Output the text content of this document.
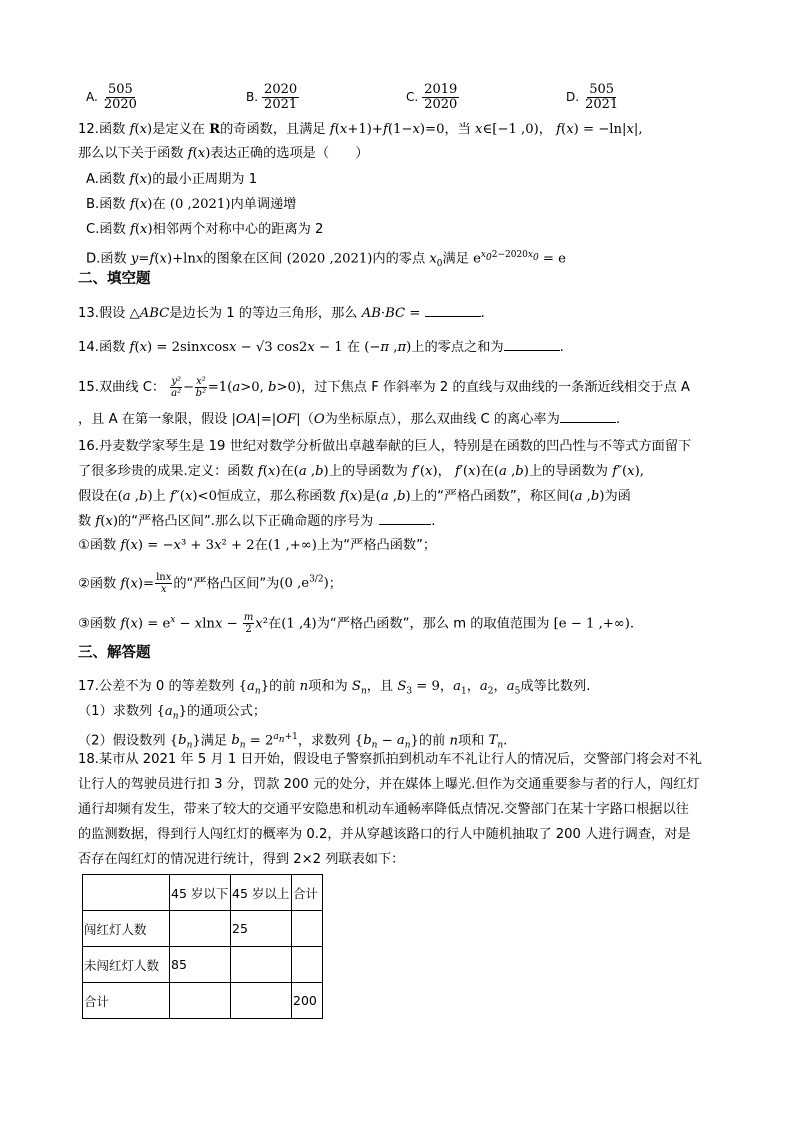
A. $\frac{505}{2020}$	B. $\frac{2020}{2021}$	C. $\frac{2019}{2020}$	D. $\frac{505}{2021}$
12.函数 f(x)是定义在 R的奇函数，且满足 f(x+1)+f(1−x)=0，当 x∈[−1 ,0)， f(x) = −ln|x|,
那么以下关于函数 f(x)表达正确的选项是（　　）
A.函数 f(x)的最小正周期为 1
B.函数 f(x)在 (0 ,2021)内单调递增
C.函数 f(x)相邻两个对称中心的距离为 2
D.函数 y=f(x)+lnx的图象在区间 (2020 ,2021)内的零点 $x_0$满足 $e^{x_02-2020x_0} = e$
二、填空题
13.假设 △ABC是边长为 1 的等边三角形，那么 AB·BC =	.
14.函数 f(x) = 2sinxcosx − √3 cos2x − 1 在 (−π ,π)上的零点之和为	.
15.双曲线 C： $\frac{\text{y²}}{\text{a²}} - \frac{\text{x²}}{\text{b²}} =1(a>0$, b>0)，过下焦点 F 作斜率为 2 的直线与双曲线的一条渐近线相交于点 A
，且 A 在第一象限，假设 |OA|=|OF|（O为坐标原点），那么双曲线 C 的离心率为	.
16.丹麦数学家琴生是 19 世纪对数学分析做出卓越奉献的巨人，特别是在函数的凹凸性与不等式方面留下
了很多珍贵的成果.定义：函数 f(x)在(a ,b)上的导函数为 f′(x)， f′(x)在(a ,b)上的导函数为 f″(x),
假设在(a ,b)上 f″(x)<0恒成立，那么称函数 f(x)是(a ,b)上的“严格凸函数”，称区间(a ,b)为函
数 f(x)的“严格凸区间”.那么以下正确命题的序号为	.
①函数 f(x) = −x³ + 3x² + 2在(1 ,+∞)上为“严格凸函数”；
②函数 $f(x)= \frac{\ln x}{x}$ 的“严格凸区间”为(0 $,e^{3/2}$)；
③函数 $f(x) = e^x - xlnx - \frac{m}{2} x^2$在(1 ,4)为“严格凸函数”，那么 m 的取值范围为 [e − 1 ,+∞).
三、解答题
17.公差不为 0 的等差数列 $\{a_n\}$的前 n项和为 $S_n$，且 $S_3 = 9$，$a_1$，$a_2$，$a_5$成等比数列.
（1）求数列 $\{a_n\}$的通项公式；
（2）假设数列 $\{b_n\}$满足 $b_n = 2^{a_n+1}$，求数列 $\{b_n - a_n\}$的前 n项和 $T_n$.
18.某市从 2021 年 5 月 1 日开始，假设电子警察抓拍到机动车不礼让行人的情况后，交警部门将会对不礼
让行人的驾驶员进行扣 3 分，罚款 200 元的处分，并在媒体上曝光.但作为交通重要参与者的行人，闯红灯
通行却频有发生，带来了较大的交通平安隐患和机动车通畅率降低点情况.交警部门在某十字路口根据以往
的监测数据，得到行人闯红灯的概率为 0.2，并从穿越该路口的行人中随机抽取了 200 人进行调查，对是
否存在闯红灯的情况进行统计，得到 2×2 列联表如下：
	45 岁以下	45 岁以上	合计
闯红灯人数		25	
未闯红灯人数	85		
合计			200
